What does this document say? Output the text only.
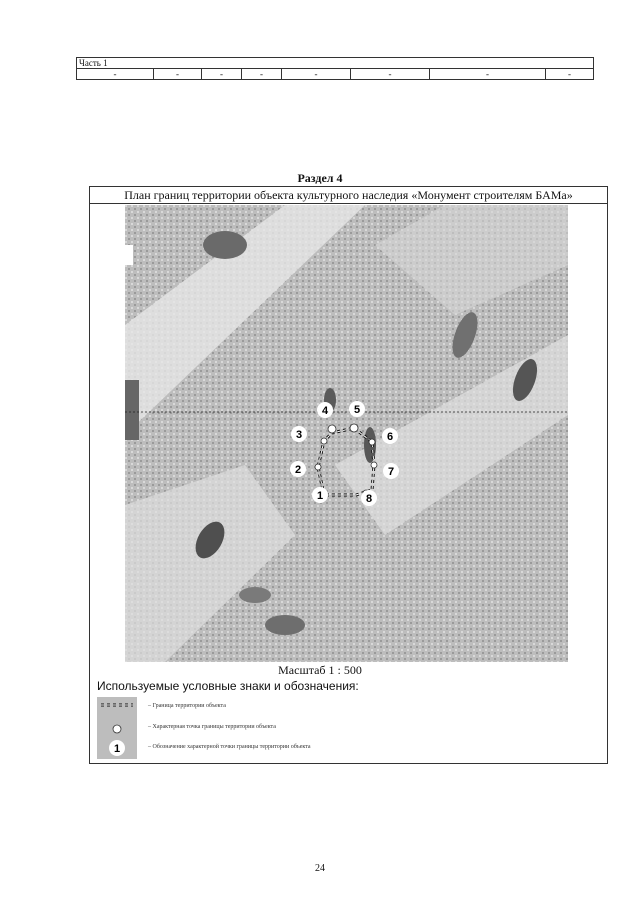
Часть 1
-	-	-	-	-	-	-	-
Раздел 4
План границ территории объекта культурного наследия «Монумент строителям БАМа»
1
2
3
4 5
6
7
8
Масштаб 1 : 500
Используемые условные знаки и обозначения:
1
– Граница территории объекта
– Характерная точка границы территории объекта
– Обозначение характерной точки границы территории объекта
24
